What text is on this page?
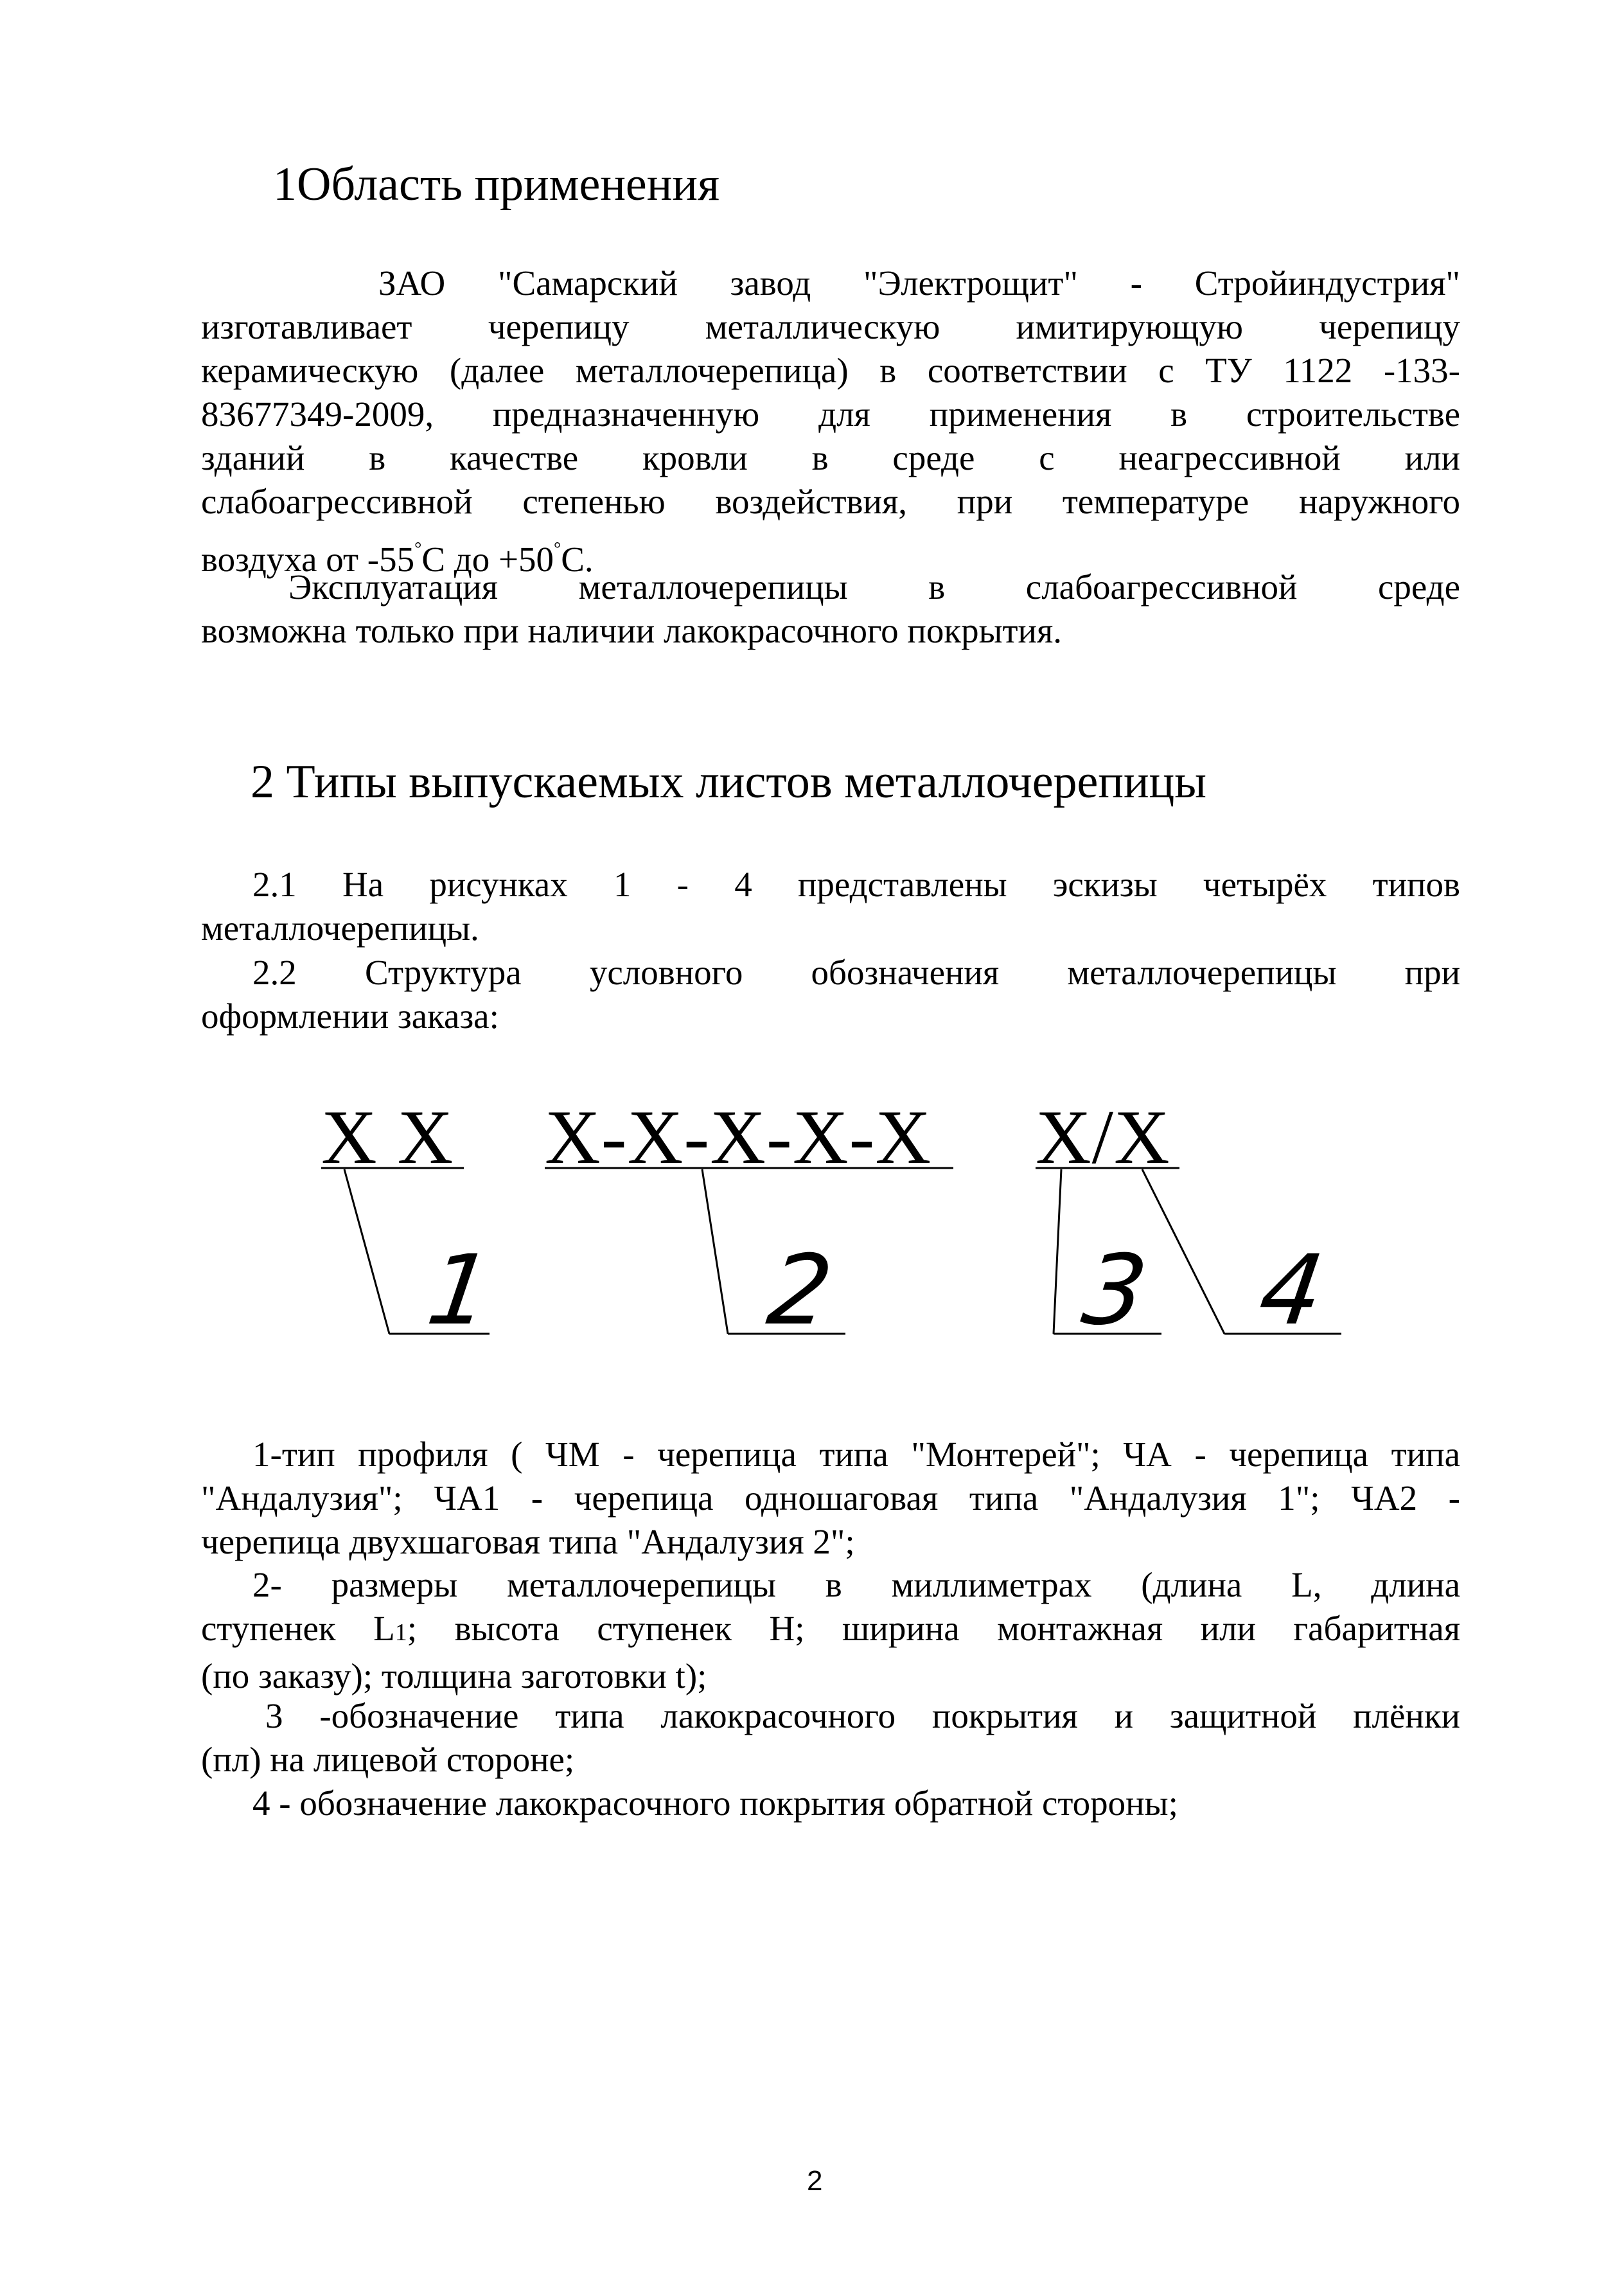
1Область применения
ЗАО "Самарский завод "Электрощит" - Стройиндустрия"
изготавливает черепицу металлическую имитирующую черепицу
керамическую (далее металлочерепица) в соответствии с ТУ 1122 -133-
83677349-2009, предназначенную для применения в строительстве
зданий в качестве кровли в среде с неагрессивной или
слабоагрессивной степенью воздействия, при температуре наружного
воздуха от -55°С до +50°С.
Эксплуатация металлочерепицы в слабоагрессивной среде
возможна только при наличии лакокрасочного покрытия.
2 Типы выпускаемых листов металлочерепицы
2.1 На рисунках 1 - 4 представлены эскизы четырёх типов
металлочерепицы.
2.2 Структура условного обозначения металлочерепицы при
оформлении заказа:
Х Х Х-Х-Х-Х-Х Х/Х
1	2 3 4
1-тип профиля ( ЧМ - черепица типа "Монтерей"; ЧА - черепица типа
"Андалузия"; ЧА1 - черепица одношаговая типа "Андалузия 1"; ЧА2 -
черепица двухшаговая типа "Андалузия 2";
2- размеры металлочерепицы в миллиметрах (длина L, длина
ступенек L1; высота ступенек H; ширина монтажная или габаритная
(по заказу); толщина заготовки t);
3 -обозначение типа лакокрасочного покрытия и защитной плёнки
(пл) на лицевой стороне;
4 - обозначение лакокрасочного покрытия обратной стороны;
2
